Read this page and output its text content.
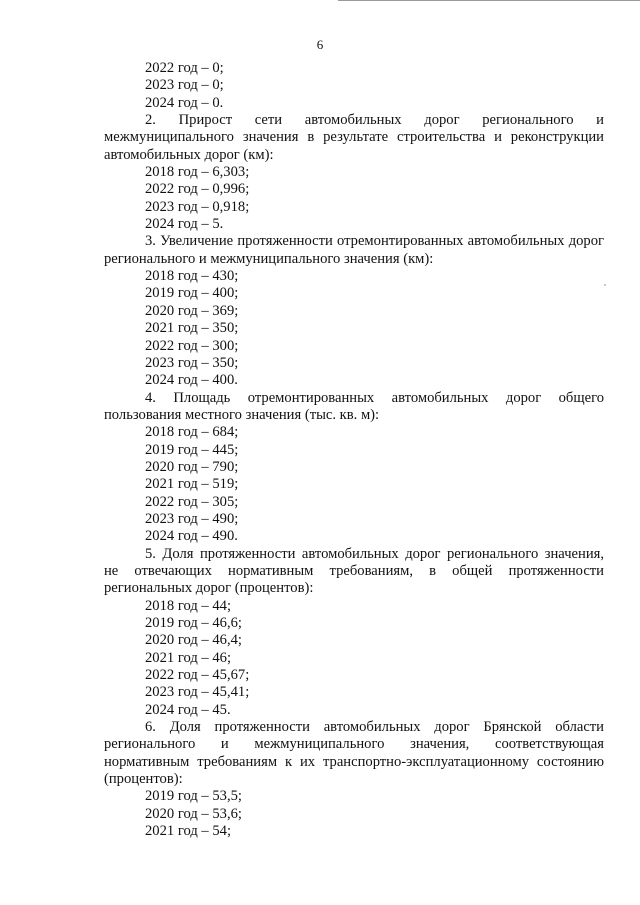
6
2022 год – 0;
2023 год – 0;
2024 год – 0.
2. Прирост сети автомобильных дорог регионального и межмуниципального значения в результате строительства и реконструкции автомобильных дорог (км):
2018 год – 6,303;
2022 год – 0,996;
2023 год – 0,918;
2024 год – 5.
3. Увеличение протяженности отремонтированных автомобильных дорог регионального и межмуниципального значения (км):
2018 год – 430;
2019 год – 400;
2020 год – 369;
2021 год – 350;
2022 год – 300;
2023 год – 350;
2024 год – 400.
4. Площадь отремонтированных автомобильных дорог общего пользования местного значения (тыс. кв. м):
2018 год – 684;
2019 год – 445;
2020 год – 790;
2021 год – 519;
2022 год – 305;
2023 год – 490;
2024 год – 490.
5. Доля протяженности автомобильных дорог регионального значения, не отвечающих нормативным требованиям, в общей протяженности региональных дорог (процентов):
2018 год – 44;
2019 год – 46,6;
2020 год – 46,4;
2021 год – 46;
2022 год – 45,67;
2023 год – 45,41;
2024 год – 45.
6. Доля протяженности автомобильных дорог Брянской области регионального и межмуниципального значения, соответствующая нормативным требованиям к их транспортно-эксплуатационному состоянию (процентов):
2019 год – 53,5;
2020 год – 53,6;
2021 год – 54;
